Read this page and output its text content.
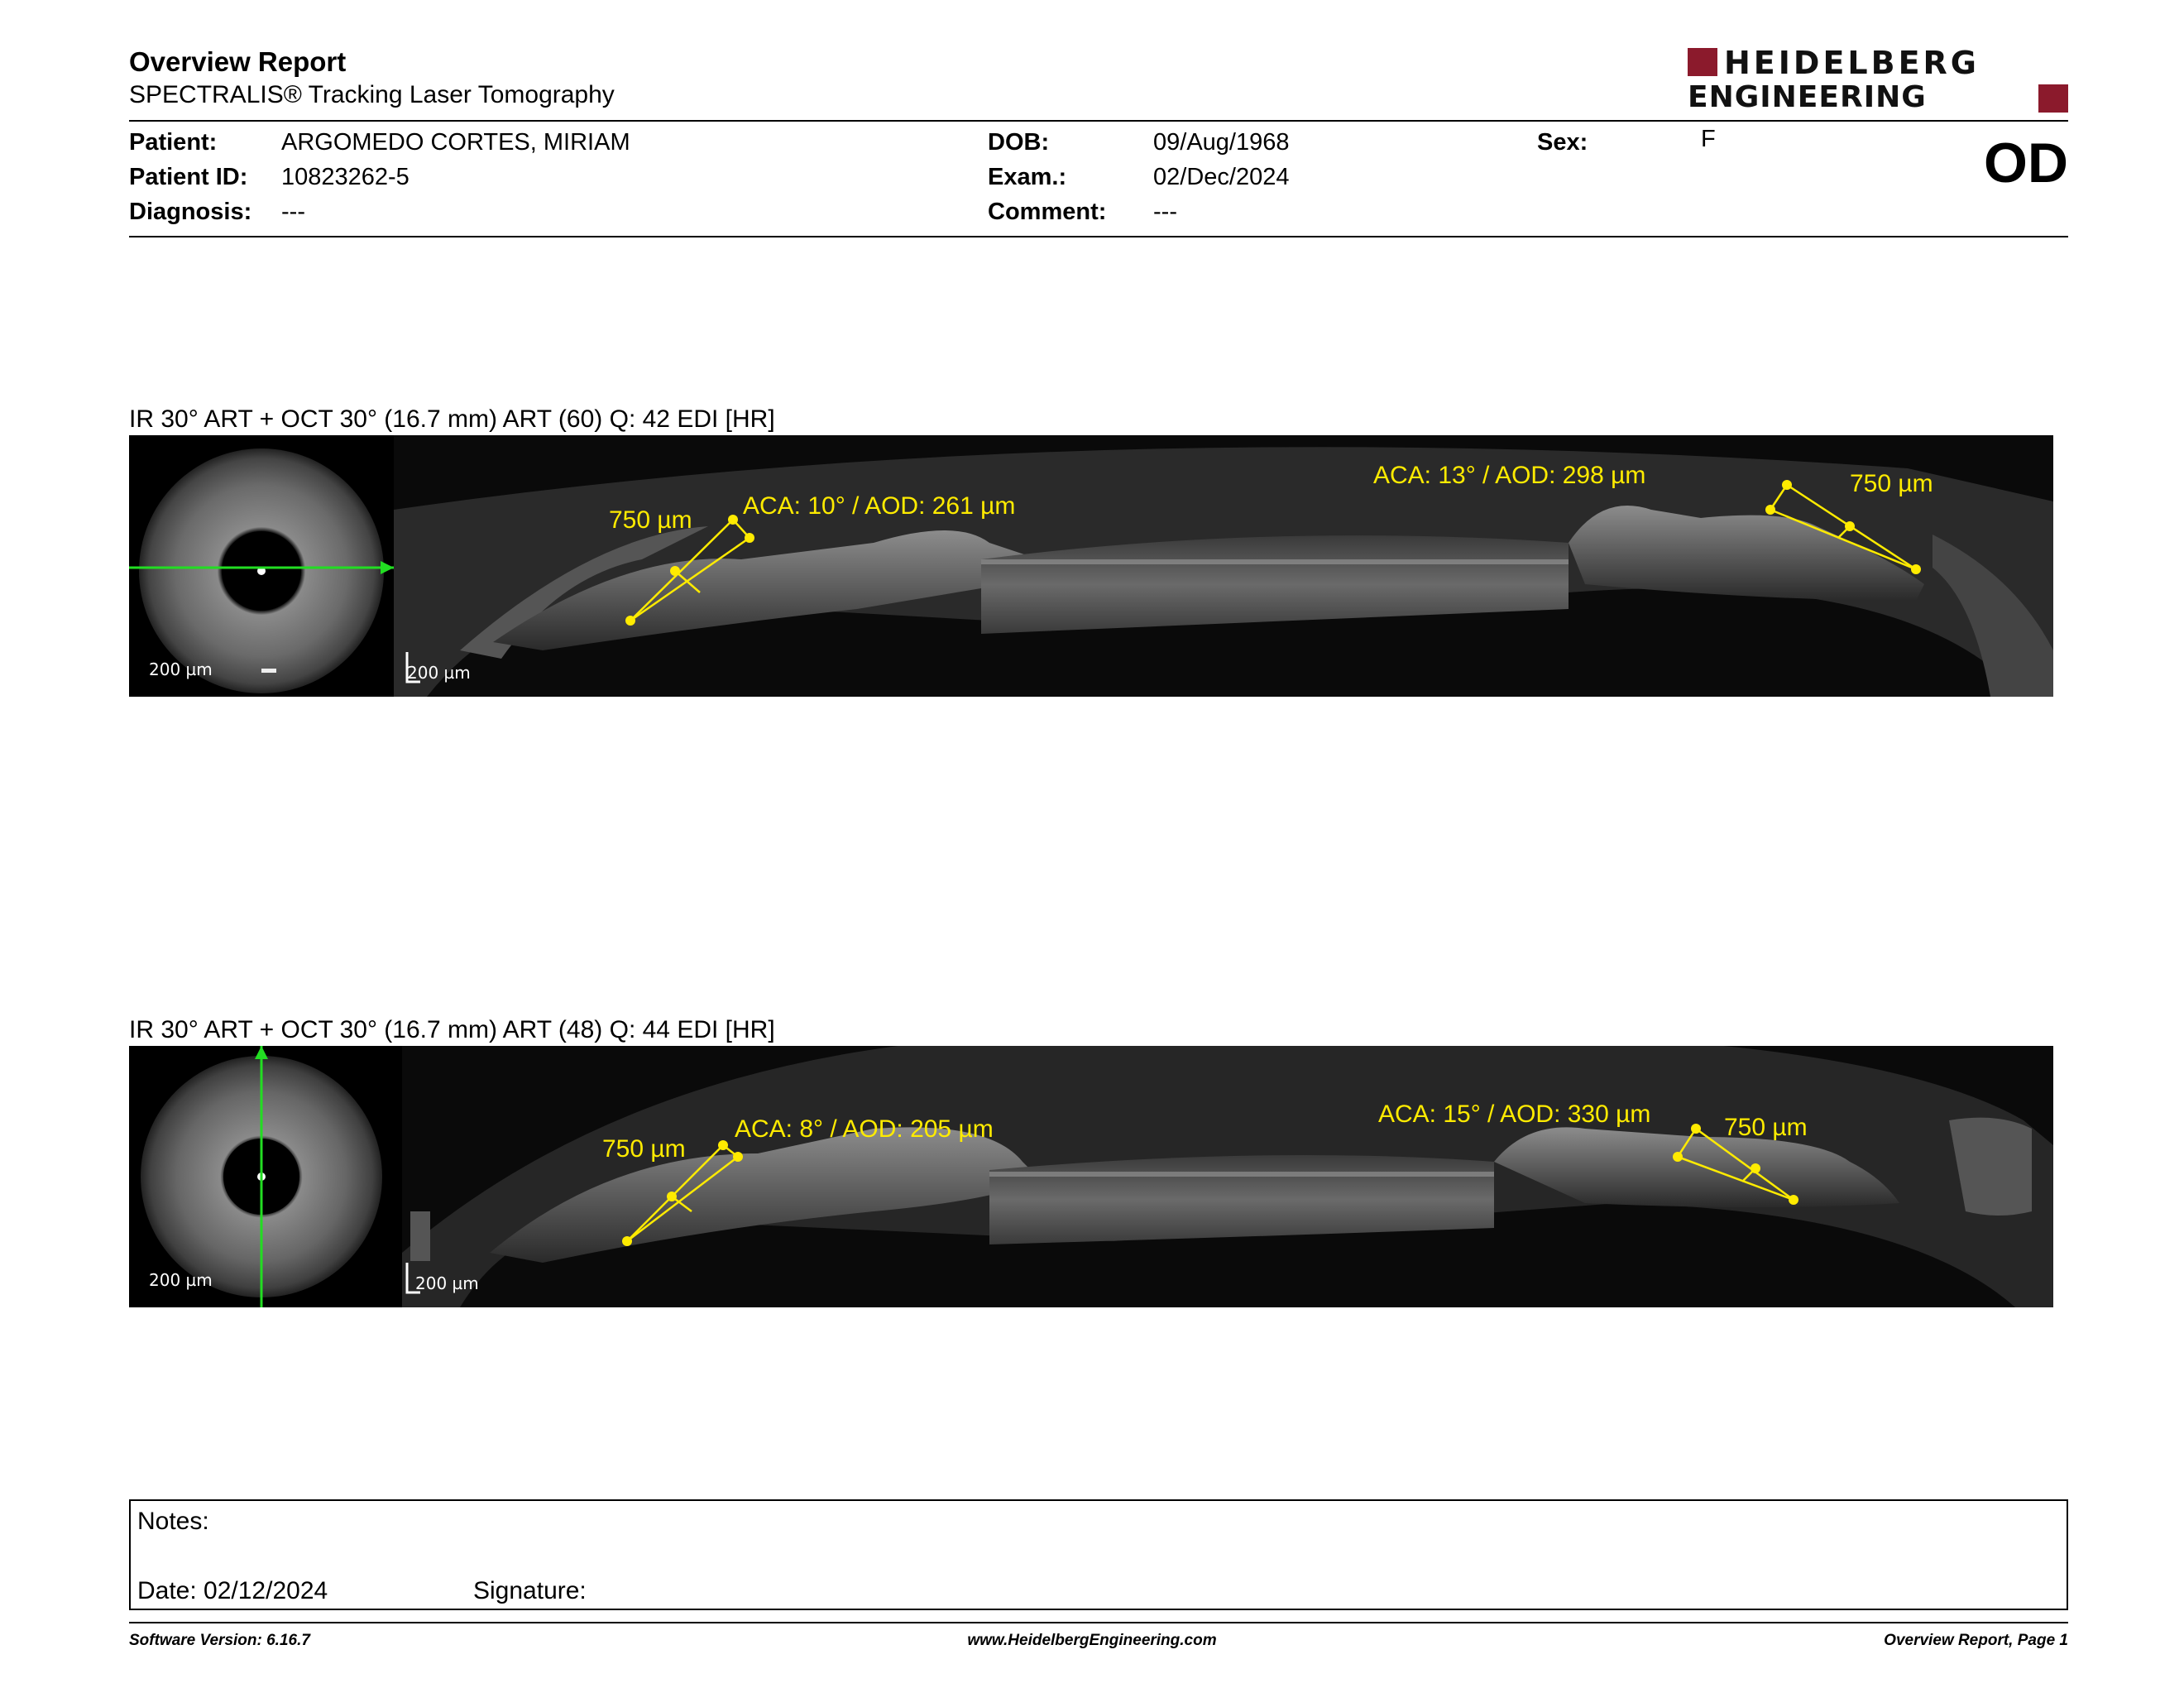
Overview Report
SPECTRALIS® Tracking Laser Tomography
HEIDELBERG
ENGINEERING
Patient:	ARGOMEDO CORTES, MIRIAM
Patient ID: 10823262-5
Diagnosis: ---
DOB:	09/Aug/1968
Exam.:	02/Dec/2024
Comment: ---
Sex:	F	OD
IR 30° ART + OCT 30° (16.7 mm) ART (60) Q: 42 EDI [HR]
200 µm	200 µm
750 µm
ACA: 10° / AOD: 261 µm
ACA: 13° / AOD: 298 µm	750 µm
IR 30° ART + OCT 30° (16.7 mm) ART (48) Q: 44 EDI [HR]
200 µm	200 µm
750 µm
ACA: 8° / AOD: 205 µm
ACA: 15° / AOD: 330 µm	750 µm
Notes:
Date: 02/12/2024	Signature:
Software Version: 6.16.7	www.HeidelbergEngineering.com	Overview Report, Page 1
